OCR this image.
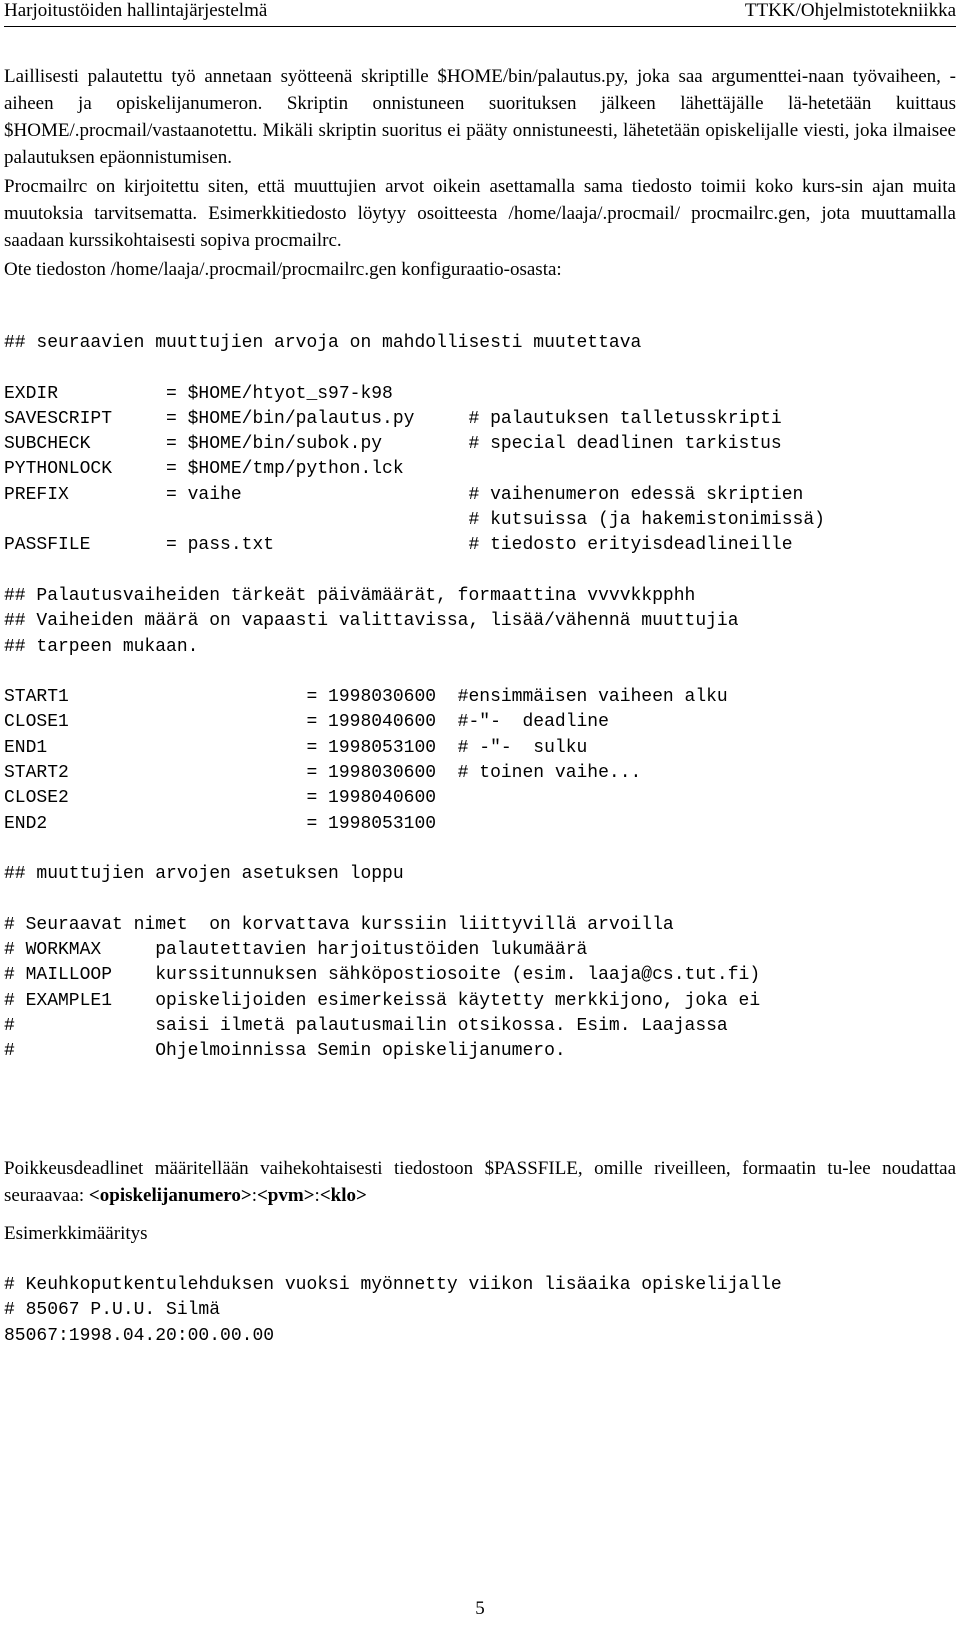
Harjoitustöiden hallintajärjestelmä	TTKK/Ohjelmistotekniikka

Laillisesti palautettu työ annetaan syötteenä skriptille $HOME/bin/palautus.py, joka saa argumenttei-naan työvaiheen, -aiheen ja opiskelijanumeron. Skriptin onnistuneen suorituksen jälkeen lähettäjälle lä-hetetään kuittaus $HOME/.procmail/vastaanotettu. Mikäli skriptin suoritus ei pääty onnistuneesti, lähetetään opiskelijalle viesti, joka ilmaisee palautuksen epäonnistumisen.

Procmailrc on kirjoitettu siten, että muuttujien arvot oikein asettamalla sama tiedosto toimii koko kurs-sin ajan muita muutoksia tarvitsematta. Esimerkkitiedosto löytyy osoitteesta /home/laaja/.procmail/ procmailrc.gen, jota muuttamalla saadaan kurssikohtaisesti sopiva procmailrc.

Ote tiedoston /home/laaja/.procmail/procmailrc.gen konfiguraatio-osasta:

## seuraavien muuttujien arvoja on mahdollisesti muutettava
EXDIR          = $HOME/htyot_s97-k98
SAVESCRIPT     = $HOME/bin/palautus.py     # palautuksen talletusskripti
SUBCHECK       = $HOME/bin/subok.py        # special deadlinen tarkistus
PYTHONLOCK     = $HOME/tmp/python.lck
PREFIX         = vaihe                     # vaihenumeron edessä skriptien
# kutsuissa (ja hakemistonimissä)
PASSFILE       = pass.txt                  # tiedosto erityisdeadlineille
## Palautusvaiheiden tärkeät päivämäärät, formaattina vvvvkkpphh
## Vaiheiden määrä on vapaasti valittavissa, lisää/vähennä muuttujia
## tarpeen mukaan.
START1                      = 1998030600  #ensimmäisen vaiheen alku
CLOSE1                      = 1998040600  #-"-  deadline
END1                        = 1998053100  # -"-  sulku
START2                      = 1998030600  # toinen vaihe...
CLOSE2                      = 1998040600
END2                        = 1998053100
## muuttujien arvojen asetuksen loppu
# Seuraavat nimet  on korvattava kurssiin liittyvillä arvoilla
# WORKMAX     palautettavien harjoitustöiden lukumäärä
# MAILLOOP    kurssitunnuksen sähköpostiosoite (esim. laaja@cs.tut.fi)
# EXAMPLE1    opiskelijoiden esimerkeissä käytetty merkkijono, joka ei
#             saisi ilmetä palautusmailin otsikossa. Esim. Laajassa
#             Ohjelmoinnissa Semin opiskelijanumero.

Poikkeusdeadlinet määritellään vaihekohtaisesti tiedostoon $PASSFILE, omille riveilleen, formaatin tu-lee noudattaa seuraavaa: <opiskelijanumero>:<pvm>:<klo>

Esimerkkimääritys

# Keuhkoputkentulehduksen vuoksi myönnetty viikon lisäaika opiskelijalle
# 85067 P.U.U. Silmä
85067:1998.04.20:00.00.00
5
